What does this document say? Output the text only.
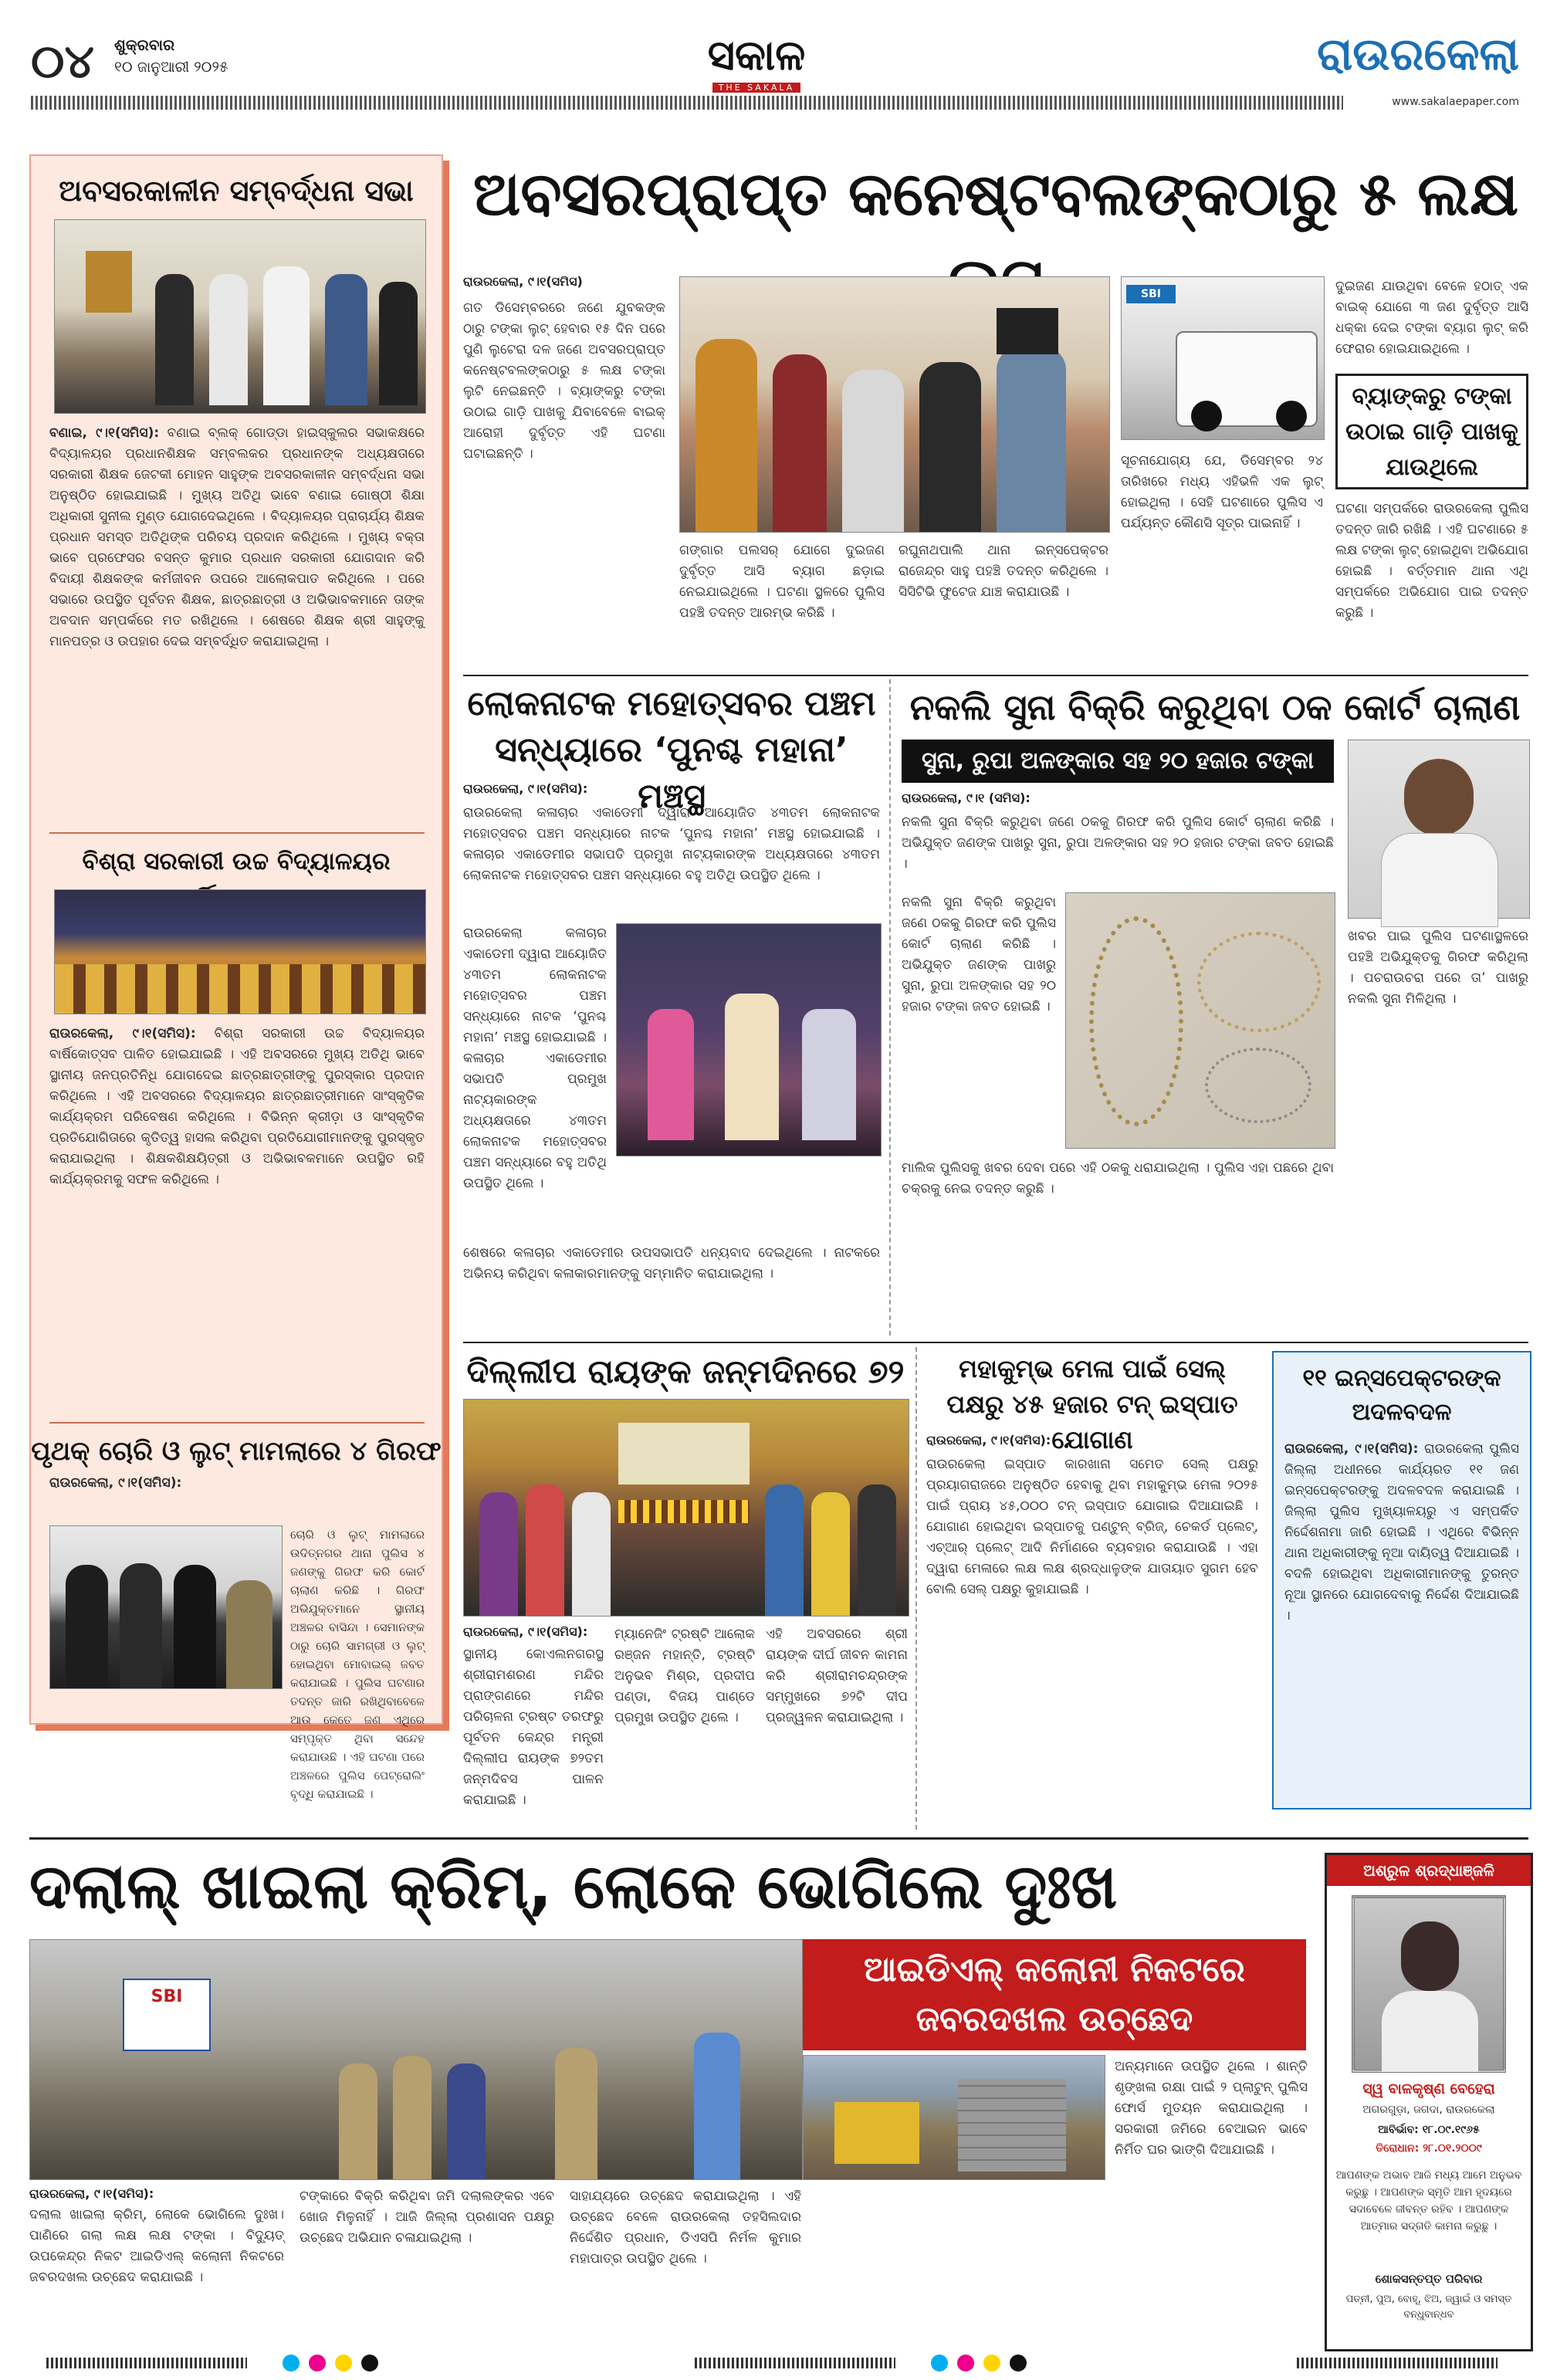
୦୪ ଶୁକ୍ରବାର
୧୦ ଜାନୁଆରୀ ୨୦୨୫	ସକାଳ
THE SAKALA
ରାଉରକେଲା
www.sakalaepaper.com
ଅବସରକାଳୀନ ସମ୍ବର୍ଦ୍ଧନା ସଭା
ବଣାଇ, ୯।୧(ସମିସ): ବଣାଇ ବ୍ଲକ୍ ଗୋଡ୍ଡା ହାଇସ୍କୁଲର ସଭାକକ୍ଷରେ ବିଦ୍ୟାଳୟର ପ୍ରଧାନଶିକ୍ଷକ ସମ୍ବଲକର ପ୍ରଧାନଙ୍କ ଅଧ୍ୟକ୍ଷତାରେ ସରକାରୀ ଶିକ୍ଷକ ଜେଟକୀ ମୋହନ ସାହୁଙ୍କ ଅବସରକାଳୀନ ସମ୍ବର୍ଦ୍ଧନା ସଭା ଅନୁଷ୍ଠିତ ହୋଇଯାଇଛି । ମୁଖ୍ୟ ଅତିଥି ଭାବେ ବଣାଇ ଗୋଷ୍ଠୀ ଶିକ୍ଷା ଅଧିକାରୀ ସୁନୀଲ ମୁଣ୍ଡ ଯୋଗଦେଇଥିଲେ । ବିଦ୍ୟାଳୟର ପ୍ରାଚାର୍ଯ୍ୟ ଶିକ୍ଷକ ପ୍ରଧାନ ସମସ୍ତ ଅତିଥିଙ୍କ ପରିଚୟ ପ୍ରଦାନ କରିଥିଲେ । ମୁଖ୍ୟ ବକ୍ତା ଭାବେ ପ୍ରଫେସର ବସନ୍ତ କୁମାର ପ୍ରଧାନ ସରକାରୀ ଯୋଗଦାନ କରି ବିଦାୟୀ ଶିକ୍ଷକଙ୍କ କର୍ମଜୀବନ ଉପରେ ଆଲୋକପାତ କରିଥିଲେ । ପରେ ସଭାରେ ଉପସ୍ଥିତ ପୂର୍ବତନ ଶିକ୍ଷକ, ଛାତ୍ରଛାତ୍ରୀ ଓ ଅଭିଭାବକମାନେ ତାଙ୍କ ଅବଦାନ ସମ୍ପର୍କରେ ମତ ରଖିଥିଲେ । ଶେଷରେ ଶିକ୍ଷକ ଶ୍ରୀ ସାହୁଙ୍କୁ ମାନପତ୍ର ଓ ଉପହାର ଦେଇ ସମ୍ବର୍ଦ୍ଧିତ କରାଯାଇଥିଲା ।
ବିଶ୍ରା ସରକାରୀ ଉଚ୍ଚ ବିଦ୍ୟାଳୟର
ରାଉରକେଲା, ୯।୧(ସମିସ): ବିଶ୍ରା ସରକାରୀ ଉଚ୍ଚ ବିଦ୍ୟାଳୟର ବାର୍ଷିକୋତ୍ସବ ପାଳିତ ହୋଇଯାଇଛି । ଏହି ଅବସରରେ ମୁଖ୍ୟ ଅତିଥି ଭାବେ ସ୍ଥାନୀୟ ଜନପ୍ରତିନିଧି ଯୋଗଦେଇ ଛାତ୍ରଛାତ୍ରୀଙ୍କୁ ପୁରସ୍କାର ପ୍ରଦାନ କରିଥିଲେ । ଏହି ଅବସରରେ ବିଦ୍ୟାଳୟର ଛାତ୍ରଛାତ୍ରୀମାନେ ସାଂସ୍କୃତିକ କାର୍ଯ୍ୟକ୍ରମ ପରିବେଷଣ କରିଥିଲେ । ବିଭିନ୍ନ କ୍ରୀଡ଼ା ଓ ସାଂସ୍କୃତିକ ପ୍ରତିଯୋଗିତାରେ କୃତିତ୍ୱ ହାସଲ କରିଥିବା ପ୍ରତିଯୋଗୀମାନଙ୍କୁ ପୁରସ୍କୃତ କରାଯାଇଥିଲା । ଶିକ୍ଷକଶିକ୍ଷୟିତ୍ରୀ ଓ ଅଭିଭାବକମାନେ ଉପସ୍ଥିତ ରହି କାର୍ଯ୍ୟକ୍ରମକୁ ସଫଳ କରିଥିଲେ ।
ପୃଥକ୍ ଚୋରି ଓ ଲୁଟ୍ ମାମଲାରେ ୪ ଗିରଫ
ରାଉରକେଲା, ୯।୧(ସମିସ):
ଚୋରି ଓ ଲୁଟ୍ ମାମଲାରେ ଉଦିତ୍‌ନଗର ଥାନା ପୁଲିସ ୪ ଜଣଙ୍କୁ ଗିରଫ କରି କୋର୍ଟ ଚାଲାଣ କରିଛି । ଗିରଫ ଅଭିଯୁକ୍ତମାନେ ସ୍ଥାନୀୟ ଅଞ୍ଚଳର ବାସିନ୍ଦା । ସେମାନଙ୍କ ଠାରୁ ଚୋରି ସାମଗ୍ରୀ ଓ ଲୁଟ୍ ହୋଇଥିବା ମୋବାଇଲ୍ ଜବତ କରାଯାଇଛି । ପୁଲିସ ଘଟଣାର ତଦନ୍ତ ଜାରି ରଖିଥିବାବେଳେ ଆଉ କେତେ ଜଣ ଏଥିରେ ସମ୍ପୃକ୍ତ ଥିବା ସନ୍ଦେହ କରାଯାଉଛି । ଏହି ଘଟଣା ପରେ ଅଞ୍ଚଳରେ ପୁଲିସ ପେଟ୍ରୋଲିଂ ବୃଦ୍ଧି କରାଯାଇଛି ।
ଅବସରପ୍ରାପ୍ତ କନେଷ୍ଟବଲଙ୍କଠାରୁ ୫ ଲକ୍ଷ
ରାଉରକେଲା, ୯।୧(ସମିସ)
ଗତ ଡିସେମ୍ବରରେ ଜଣେ ଯୁବକଙ୍କ ଠାରୁ ଟଙ୍କା ଲୁଟ୍ ହେବାର ୧୫ ଦିନ ପରେ ପୁଣି ଲୁଟେରା ଦଳ ଜଣେ ଅବସରପ୍ରାପ୍ତ କନେଷ୍ଟବଲଙ୍କଠାରୁ ୫ ଲକ୍ଷ ଟଙ୍କା ଲୁଟି ନେଇଛନ୍ତି । ବ୍ୟାଙ୍କରୁ ଟଙ୍କା ଉଠାଇ ଗାଡ଼ି ପାଖକୁ ଯିବାବେଳେ ବାଇକ୍ ଆରୋହୀ ଦୁର୍ବୃତ୍ତ ଏହି ଘଟଣା ଘଟାଇଛନ୍ତି ।
ଗଙ୍ଗାର ପଲସର୍ ଯୋଗେ ଦୁଇଜଣ ଦୁର୍ବୃତ୍ତ ଆସି ବ୍ୟାଗ ଛଡ଼ାଇ ନେଇଯାଇଥିଲେ । ଘଟଣା ସ୍ଥଳରେ ପୁଲିସ ପହଞ୍ଚି ତଦନ୍ତ ଆରମ୍ଭ କରିଛି ।
ରଘୁନାଥପାଲି ଥାନା ଇନ୍ସପେକ୍ଟର ରାଜେନ୍ଦ୍ର ସାହୁ ପହଞ୍ଚି ତଦନ୍ତ କରିଥିଲେ । ସିସିଟିଭି ଫୁଟେଜ ଯାଞ୍ଚ କରାଯାଉଛି ।
SBI
ସୂଚନାଯୋଗ୍ୟ ଯେ, ଡିସେମ୍ବର ୨୪ ତାରିଖରେ ମଧ୍ୟ ଏହିଭଳି ଏକ ଲୁଟ୍ ହୋଇଥିଲା । ସେହି ଘଟଣାରେ ପୁଲିସ ଏ ପର୍ଯ୍ୟନ୍ତ କୌଣସି ସୂତ୍ର ପାଇନାହିଁ ।
ଦୁଇଜଣ ଯାଉଥିବା ବେଳେ ହଠାତ୍ ଏକ ବାଇକ୍ ଯୋଗେ ୩ ଜଣ ଦୁର୍ବୃତ୍ତ ଆସି ଧକ୍କା ଦେଇ ଟଙ୍କା ବ୍ୟାଗ ଲୁଟ୍ କରି ଫେରାର ହୋଇଯାଇଥିଲେ ।
ବ୍ୟାଙ୍କରୁ ଟଙ୍କା ଉଠାଇ ଗାଡ଼ି ପାଖକୁ ଯାଉଥିଲେ
ଘଟଣା ସମ୍ପର୍କରେ ରାଉରକେଲା ପୁଲିସ ତଦନ୍ତ ଜାରି ରଖିଛି । ଏହି ଘଟଣାରେ ୫ ଲକ୍ଷ ଟଙ୍କା ଲୁଟ୍ ହୋଇଥିବା ଅଭିଯୋଗ ହୋଇଛି । ବର୍ତ୍ତମାନ ଥାନା ଏଥି ସମ୍ପର୍କରେ ଅଭିଯୋଗ ପାଇ ତଦନ୍ତ କରୁଛି ।
ଲୋକନାଟକ ମହୋତ୍ସବର ପଞ୍ଚମ ସନ୍ଧ୍ୟାରେ ‘ପୁନଶ୍ଚ ମହାନା’ ମଞ୍ଚସ୍ଥ
ରାଉରକେଲା, ୯।୧(ସମିସ):
ରାଉରକେଲା କଳାଚାର ଏକାଡେମୀ ଦ୍ୱାରା ଆୟୋଜିତ ୪୩ତମ ଲୋକନାଟକ ମହୋତ୍ସବର ପଞ୍ଚମ ସନ୍ଧ୍ୟାରେ ନାଟକ ‘ପୁନଶ୍ଚ ମହାନା’ ମଞ୍ଚସ୍ଥ ହୋଇଯାଇଛି । କଳାଚାର ଏକାଡେମୀର ସଭାପତି ପ୍ରମୁଖ ନାଟ୍ୟକାରଙ୍କ ଅଧ୍ୟକ୍ଷତାରେ ୪୩ତମ ଲୋକନାଟକ ମହୋତ୍ସବର ପଞ୍ଚମ ସନ୍ଧ୍ୟାରେ ବହୁ ଅତିଥି ଉପସ୍ଥିତ ଥିଲେ ।
ରାଉରକେଲା କଳାଚାର ଏକାଡେମୀ ଦ୍ୱାରା ଆୟୋଜିତ ୪୩ତମ ଲୋକନାଟକ ମହୋତ୍ସବର ପଞ୍ଚମ ସନ୍ଧ୍ୟାରେ ନାଟକ ‘ପୁନଶ୍ଚ ମହାନା’ ମଞ୍ଚସ୍ଥ ହୋଇଯାଇଛି । କଳାଚାର ଏକାଡେମୀର ସଭାପତି ପ୍ରମୁଖ ନାଟ୍ୟକାରଙ୍କ ଅଧ୍ୟକ୍ଷତାରେ ୪୩ତମ ଲୋକନାଟକ ମହୋତ୍ସବର ପଞ୍ଚମ ସନ୍ଧ୍ୟାରେ ବହୁ ଅତିଥି ଉପସ୍ଥିତ ଥିଲେ ।
ଶେଷରେ କଳାଚାର ଏକାଡେମୀର ଉପସଭାପତି ଧନ୍ୟବାଦ ଦେଇଥିଲେ । ନାଟକରେ ଅଭିନୟ କରିଥିବା କଳାକାରମାନଙ୍କୁ ସମ୍ମାନିତ କରାଯାଇଥିଲା ।
ନକଲି ସୁନା ବିକ୍ରି କରୁଥିବା ଠକ କୋର୍ଟ ଚାଲାଣ
ସୁନା, ରୁପା ଅଳଙ୍କାର ସହ ୨୦ ହଜାର ଟଙ୍କା ଜବତ
ରାଉରକେଲା, ୯।୧ (ସମିସ):
ନକଲି ସୁନା ବିକ୍ରି କରୁଥିବା ଜଣେ ଠକକୁ ଗିରଫ କରି ପୁଲିସ କୋର୍ଟ ଚାଲାଣ କରିଛି । ଅଭିଯୁକ୍ତ ଜଣଙ୍କ ପାଖରୁ ସୁନା, ରୁପା ଅଳଙ୍କାର ସହ ୨୦ ହଜାର ଟଙ୍କା ଜବତ ହୋଇଛି ।
ନକଲି ସୁନା ବିକ୍ରି କରୁଥିବା ଜଣେ ଠକକୁ ଗିରଫ କରି ପୁଲିସ କୋର୍ଟ ଚାଲାଣ କରିଛି । ଅଭିଯୁକ୍ତ ଜଣଙ୍କ ପାଖରୁ ସୁନା, ରୁପା ଅଳଙ୍କାର ସହ ୨୦ ହଜାର ଟଙ୍କା ଜବତ ହୋଇଛି ।
ମାଲିକ ପୁଲିସକୁ ଖବର ଦେବା ପରେ ଏହି ଠକକୁ ଧରାଯାଇଥିଲା । ପୁଲିସ ଏହା ପଛରେ ଥିବା ଚକ୍ରକୁ ନେଇ ତଦନ୍ତ କରୁଛି ।
ଖବର ପାଇ ପୁଲିସ ଘଟଣାସ୍ଥଳରେ ପହଞ୍ଚି ଅଭିଯୁକ୍ତକୁ ଗିରଫ କରିଥିଲା । ପଚରାଉଚରା ପରେ ତା’ ପାଖରୁ ନକଲି ସୁନା ମିଳିଥିଲା ।
ଦିଲ୍ଲୀପ ରାୟଙ୍କ ଜନ୍ମଦିନରେ ୭୨
ରାଉରକେଲା, ୯।୧(ସମିସ):
ସ୍ଥାନୀୟ କୋଏଲନଗରସ୍ଥ ଶ୍ରୀରାମଶରଣ ମନ୍ଦିର ପ୍ରାଙ୍ଗଣରେ ମନ୍ଦିର ପରିଚାଳନା ଟ୍ରଷ୍ଟ ତରଫରୁ ପୂର୍ବତନ କେନ୍ଦ୍ର ମନ୍ତ୍ରୀ ଦିଲ୍ଲୀପ ରାୟଙ୍କ ୭୨ତମ ଜନ୍ମଦିବସ ପାଳନ କରାଯାଇଛି ।
ମ୍ୟାନେଜିଂ ଟ୍ରଷ୍ଟି ଆଲୋକ ରଞ୍ଜନ ମହାନ୍ତି, ଟ୍ରଷ୍ଟି ଅନୁଭବ ମିଶ୍ର, ପ୍ରଦୀପ ପଣ୍ଡା, ବିଜୟ ପାଣ୍ଡେ ପ୍ରମୁଖ ଉପସ୍ଥିତ ଥିଲେ ।
ଏହି ଅବସରରେ ଶ୍ରୀ ରାୟଙ୍କ ଦୀର୍ଘ ଜୀବନ କାମନା କରି ଶ୍ରୀରାମଚନ୍ଦ୍ରଙ୍କ ସମ୍ମୁଖରେ ୭୨ଟି ଦୀପ ପ୍ରଜ୍ୱଳନ କରାଯାଇଥିଲା ।
ମହାକୁମ୍ଭ ମେଳା ପାଇଁ ସେଲ୍ ପକ୍ଷରୁ ୪୫ ହଜାର ଟନ୍ ଇସ୍ପାତ ଯୋଗାଣ
ରାଉରକେଲା, ୯।୧(ସମିସ):
ରାଉରକେଲା ଇସ୍ପାତ କାରଖାନା ସମେତ ସେଲ୍ ପକ୍ଷରୁ ପ୍ରୟାଗରାଜରେ ଅନୁଷ୍ଠିତ ହେବାକୁ ଥିବା ମହାକୁମ୍ଭ ମେଳା ୨୦୨୫ ପାଇଁ ପ୍ରାୟ ୪୫,୦୦୦ ଟନ୍ ଇସ୍ପାତ ଯୋଗାଇ ଦିଆଯାଇଛି । ଯୋଗାଣ ହୋଇଥିବା ଇସ୍ପାତକୁ ପଣ୍ଟୁନ୍ ବ୍ରିଜ୍, ଚେକର୍ଡ ପ୍ଲେଟ୍, ଏଚ୍‌ଆର୍ ପ୍ଲେଟ୍ ଆଦି ନିର୍ମାଣରେ ବ୍ୟବହାର କରାଯାଉଛି । ଏହା ଦ୍ୱାରା ମେଳାରେ ଲକ୍ଷ ଲକ୍ଷ ଶ୍ରଦ୍ଧାଳୁଙ୍କ ଯାତାୟାତ ସୁଗମ ହେବ ବୋଲି ସେଲ୍ ପକ୍ଷରୁ କୁହାଯାଇଛି ।
୧୧ ଇନ୍ସପେକ୍ଟରଙ୍କ ଅଦଳବଦଳ
ରାଉରକେଲା, ୯।୧(ସମିସ): ରାଉରକେଲା ପୁଲିସ ଜିଲ୍ଲା ଅଧୀନରେ କାର୍ଯ୍ୟରତ ୧୧ ଜଣ ଇନ୍ସପେକ୍ଟରଙ୍କୁ ଅଦଳବଦଳ କରାଯାଇଛି । ଜିଲ୍ଲା ପୁଲିସ ମୁଖ୍ୟାଳୟରୁ ଏ ସମ୍ପର୍କିତ ନିର୍ଦ୍ଦେଶନାମା ଜାରି ହୋଇଛି । ଏଥିରେ ବିଭିନ୍ନ ଥାନା ଅଧିକାରୀଙ୍କୁ ନୂଆ ଦାୟିତ୍ୱ ଦିଆଯାଇଛି । ବଦଳି ହୋଇଥିବା ଅଧିକାରୀମାନଙ୍କୁ ତୁରନ୍ତ ନୂଆ ସ୍ଥାନରେ ଯୋଗଦେବାକୁ ନିର୍ଦ୍ଦେଶ ଦିଆଯାଇଛି ।
ଦଲାଲ୍ ଖାଇଲା କ୍ରିମ୍, ଲୋକେ ଭୋଗିଲେ ଦୁଃଖ
SBI
ଆଇଡିଏଲ୍ କଲୋନୀ ନିକଟରେ ଜବରଦଖଲ ଉଚ୍ଛେଦ
ଅନ୍ୟମାନେ ଉପସ୍ଥିତ ଥିଲେ । ଶାନ୍ତି ଶୃଙ୍ଖଳା ରକ୍ଷା ପାଇଁ ୨ ପ୍ଲାଟୁନ୍ ପୁଲିସ ଫୋର୍ସ ମୁତୟନ କରାଯାଇଥିଲା । ସରକାରୀ ଜମିରେ ବେଆଇନ ଭାବେ ନିର୍ମିତ ଘର ଭାଙ୍ଗି ଦିଆଯାଇଛି ।
ରାଉରକେଲା, ୯।୧(ସମିସ):
ଦଲାଲ ଖାଇଲା କ୍ରିମ୍, ଲୋକେ ଭୋଗିଲେ ଦୁଃଖ। ପାଣିରେ ଗଲା ଲକ୍ଷ ଲକ୍ଷ ଟଙ୍କା । ବିଦ୍ୟୁତ୍ ଉପକେନ୍ଦ୍ର ନିକଟ ଆଇଡିଏଲ୍ କଲୋନୀ ନିକଟରେ ଜବରଦଖଲ ଉଚ୍ଛେଦ କରାଯାଇଛି ।
ଟଙ୍କାରେ ବିକ୍ରି କରିଥିବା ଜମି ଦଲାଲଙ୍କର ଏବେ ଖୋଜ ମିଳୁନାହିଁ । ଆଜି ଜିଲ୍ଲା ପ୍ରଶାସନ ପକ୍ଷରୁ ଉଚ୍ଛେଦ ଅଭିଯାନ ଚଳାଯାଇଥିଲା ।
ସାହାଯ୍ୟରେ ଉଚ୍ଛେଦ କରାଯାଇଥିଲା । ଏହି ଉଚ୍ଛେଦ ବେଳେ ରାଉରକେଲା ତହସିଲଦାର ନିର୍ଦ୍ଦେଶିତ ପ୍ରଧାନ, ଡିଏସପି ନିର୍ମଳ କୁମାର ମହାପାତ୍ର ଉପସ୍ଥିତ ଥିଲେ ।
ଅଶ୍ରୁଳ ଶ୍ରଦ୍ଧାଞ୍ଜଳି
ସ୍ୱ ବାଳକୃଷ୍ଣ ବେହେରା
ଅଗରଗୁଡ଼ା, ଜଗଦା, ରାଉରକେଲା
ଆବିର୍ଭାବ: ୧୮.୦୯.୧୯୬୫
ତିରୋଧାନ: ୨୮.୦୧.୨୦୦୯
ଆପଣଙ୍କ ଅଭାବ ଆଜି ମଧ୍ୟ ଆମେ ଅନୁଭବ କରୁଛୁ । ଆପଣଙ୍କ ସ୍ମୃତି ଆମ ହୃଦୟରେ ସଦାବେଳେ ଜୀବନ୍ତ ରହିବ । ଆପଣଙ୍କ ଆତ୍ମାର ସଦ୍ଗତି କାମନା କରୁଛୁ ।
ଶୋକସନ୍ତପ୍ତ ପରିବାର
ପତ୍ନୀ, ପୁଅ, ବୋହୂ, ଝିଅ, ଜ୍ୱାଇଁ ଓ ସମସ୍ତ ବନ୍ଧୁବାନ୍ଧବ
